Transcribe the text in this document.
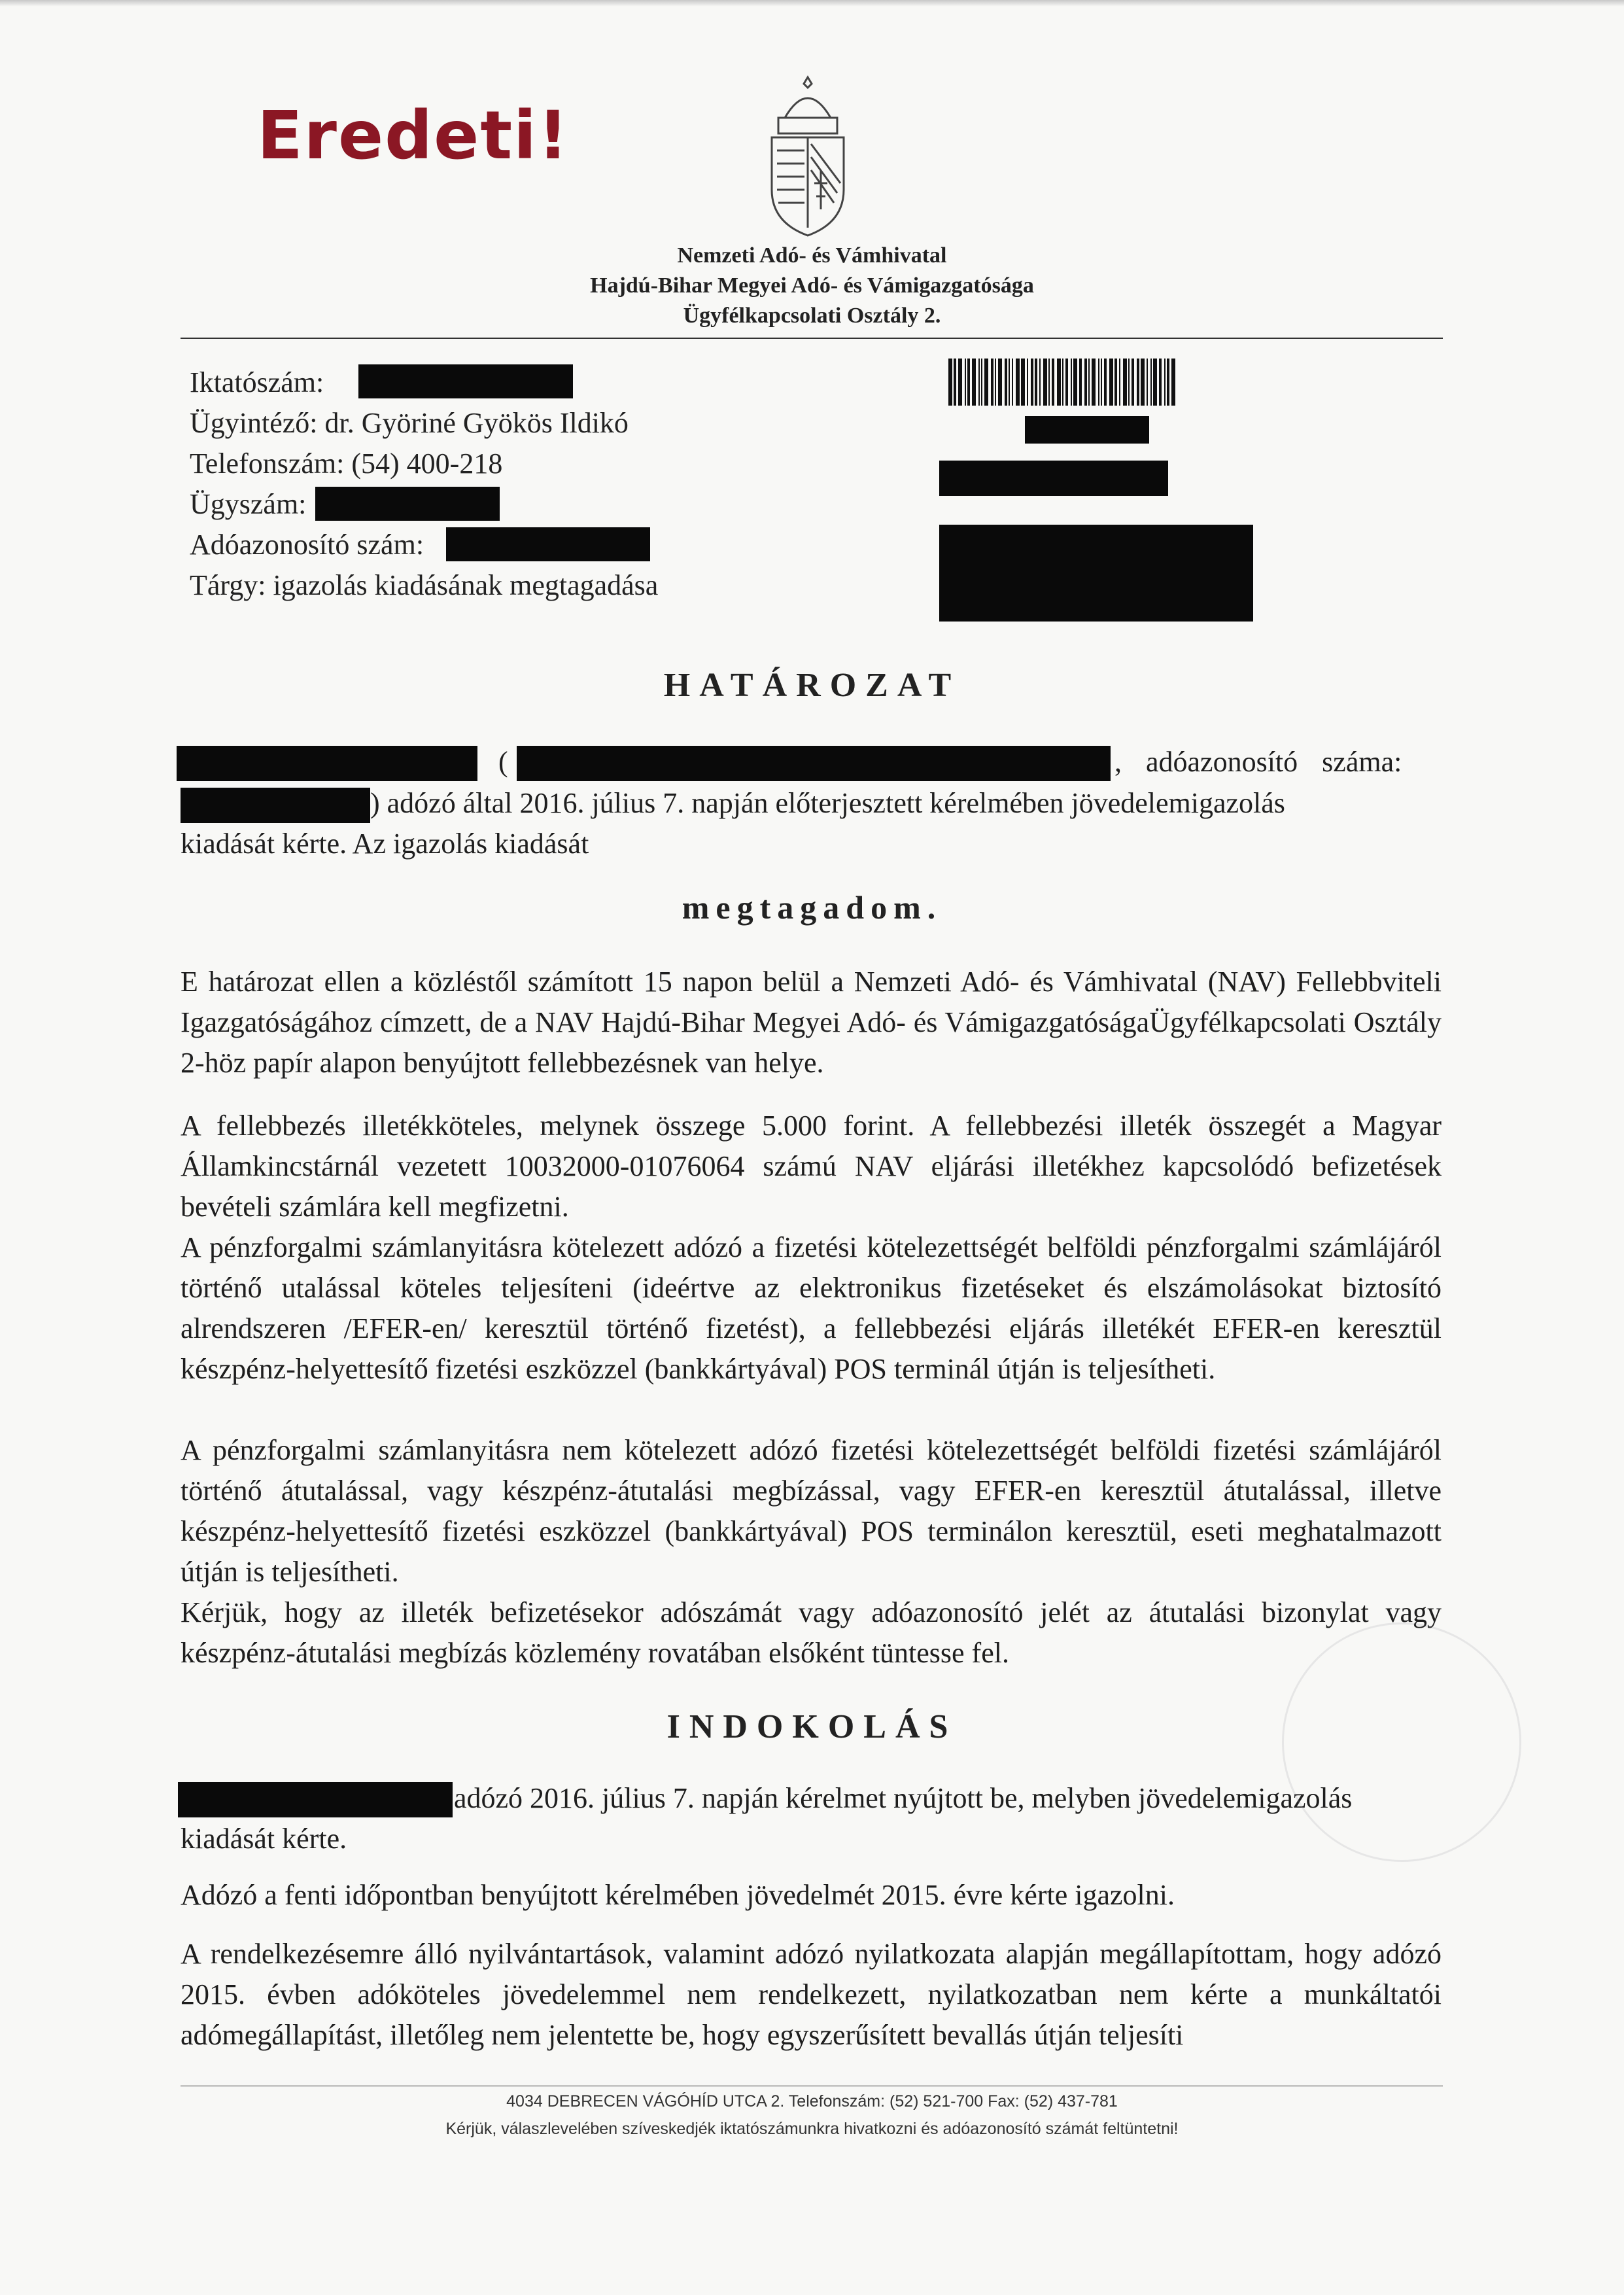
Eredeti!
Nemzeti Adó- és Vámhivatal
Hajdú-Bihar Megyei Adó- és Vámigazgatósága
Ügyfélkapcsolati Osztály 2.
Iktatószám:
Ügyintéző: dr. Györiné Gyökös Ildikó
Telefonszám: (54) 400-218
Ügyszám:
Adóazonosító szám:
Tárgy: igazolás kiadásának megtagadása
HATÁROZAT
(	, adóazonosító száma:
) adózó által 2016. július 7. napján előterjesztett kérelmében jövedelemigazolás
kiadását kérte. Az igazolás kiadását
megtagadom.
E határozat ellen a közléstől számított 15 napon belül a Nemzeti Adó- és Vámhivatal (NAV) Fellebbviteli Igazgatóságához címzett, de a NAV Hajdú-Bihar Megyei Adó- és VámigazgatóságaÜgyfélkapcsolati Osztály 2-höz papír alapon benyújtott fellebbezésnek van helye.
A fellebbezés illetékköteles, melynek összege 5.000 forint. A fellebbezési illeték összegét a Magyar Államkincstárnál vezetett 10032000-01076064 számú NAV eljárási illetékhez kapcsolódó befizetések bevételi számlára kell megfizetni.
A pénzforgalmi számlanyitásra kötelezett adózó a fizetési kötelezettségét belföldi pénzforgalmi számlájáról történő utalással köteles teljesíteni (ideértve az elektronikus fizetéseket és elszámolásokat biztosító alrendszeren /EFER-en/ keresztül történő fizetést), a fellebbezési eljárás illetékét EFER-en keresztül készpénz-helyettesítő fizetési eszközzel (bankkártyával) POS terminál útján is teljesítheti.
A pénzforgalmi számlanyitásra nem kötelezett adózó fizetési kötelezettségét belföldi fizetési számlájáról történő átutalással, vagy készpénz-átutalási megbízással, vagy EFER-en keresztül átutalással, illetve készpénz-helyettesítő fizetési eszközzel (bankkártyával) POS terminálon keresztül, eseti meghatalmazott útján is teljesítheti.
Kérjük, hogy az illeték befizetésekor adószámát vagy adóazonosító jelét az átutalási bizonylat vagy készpénz-átutalási megbízás közlemény rovatában elsőként tüntesse fel.
INDOKOLÁS
adózó 2016. július 7. napján kérelmet nyújtott be, melyben jövedelemigazolás
kiadását kérte.
Adózó a fenti időpontban benyújtott kérelmében jövedelmét 2015. évre kérte igazolni.
A rendelkezésemre álló nyilvántartások, valamint adózó nyilatkozata alapján megállapítottam, hogy adózó 2015. évben adóköteles jövedelemmel nem rendelkezett, nyilatkozatban nem kérte a munkáltatói adómegállapítást, illetőleg nem jelentette be, hogy egyszerűsített bevallás útján teljesíti
4034 DEBRECEN VÁGÓHÍD UTCA 2. Telefonszám: (52) 521-700 Fax: (52) 437-781
Kérjük, válaszlevelében szíveskedjék iktatószámunkra hivatkozni és adóazonosító számát feltüntetni!
